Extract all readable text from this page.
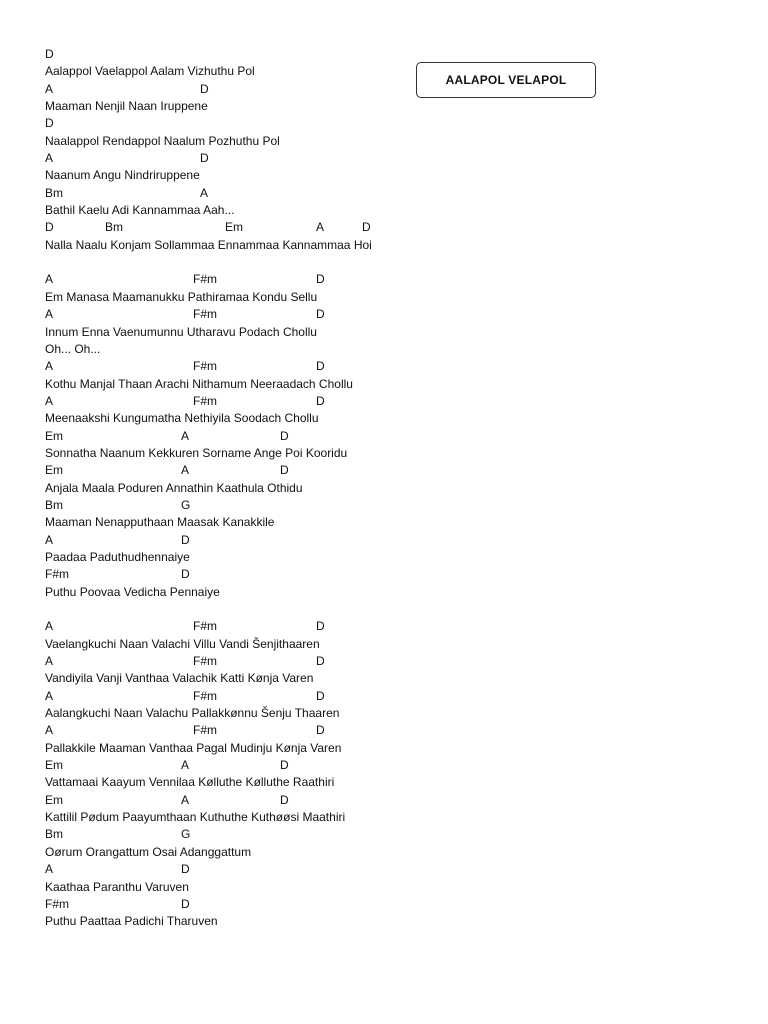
AALAPOL VELAPOL
D
Aalappol Vaelappol Aalam Vizhuthu Pol
A	D
Maaman Nenjil Naan Iruppene
D
Naalappol Rendappol Naalum Pozhuthu Pol
A	D
Naanum Angu Nindriruppene
Bm	A
Bathil Kaelu Adi Kannammaa Aah...
D	Bm	Em	A	D
Nalla Naalu Konjam Sollammaa Ennammaa Kannammaa Hoi
A	F#m	D
Em Manasa Maamanukku Pathiramaa Kondu Sellu
A	F#m	D
Innum Enna Vaenumunnu Utharavu Podach Chollu
Oh... Oh...
A	F#m	D
Kothu Manjal Thaan Arachi Nithamum Neeraadach Chollu
A	F#m	D
Meenaakshi Kungumatha Nethiyila Soodach Chollu
Em	A	D
Sonnatha Naanum Kekkuren Sorname Ange Poi Kooridu
Em	A	D
Anjala Maala Poduren Annathin Kaathula Othidu
Bm	G
Maaman Nenapputhaan Maasak Kanakkile
A	D
Paadaa Paduthudhennaiye
F#m	D
Puthu Poovaa Vedicha Pennaiye
A	F#m	D
Vaelangkuchi Naan Valachi Villu Vandi Šenjithaaren
A	F#m	D
Vandiyila Vanji Vanthaa Valachik Katti Kønja Varen
A	F#m	D
Aalangkuchi Naan Valachu Pallakkønnu Šenju Thaaren
A	F#m	D
Pallakkile Maaman Vanthaa Pagal Mudinju Kønja Varen
Em	A	D
Vattamaai Kaayum Vennilaa Kølluthe Kølluthe Raathiri
Em	A	D
Kattilil Pødum Paayumthaan Kuthuthe Kuthøøsi Maathiri
Bm	G
Oørum Orangattum Osai Adanggattum
A	D
Kaathaa Paranthu Varuven
F#m	D
Puthu Paattaa Padichi Tharuven
